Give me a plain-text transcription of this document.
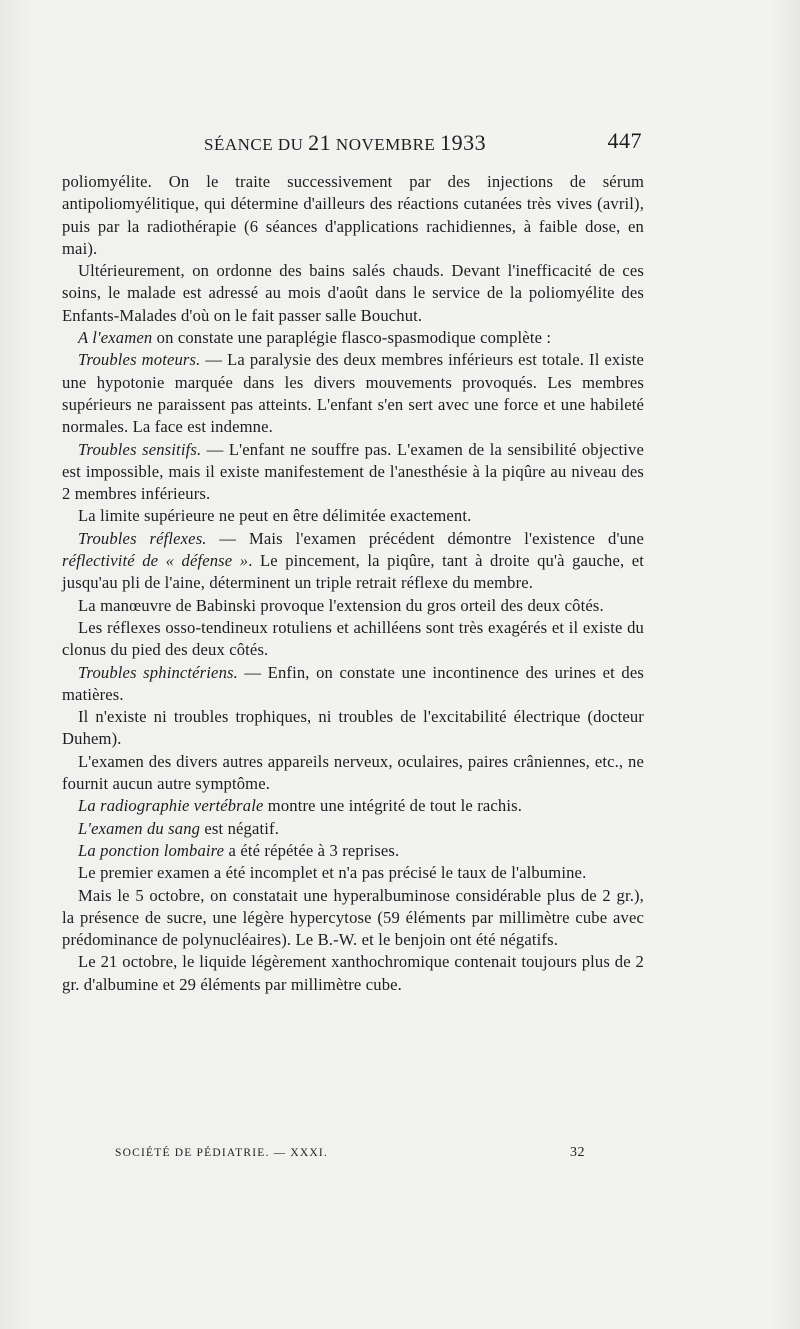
SÉANCE DU 21 NOVEMBRE 1933	447

poliomyélite. On le traite successivement par des injections de sérum antipoliomyélitique, qui détermine d'ailleurs des réactions cutanées très vives (avril), puis par la radiothérapie (6 séances d'applications rachidiennes, à faible dose, en mai).

Ultérieurement, on ordonne des bains salés chauds. Devant l'inefficacité de ces soins, le malade est adressé au mois d'août dans le service de la poliomyélite des Enfants-Malades d'où on le fait passer salle Bouchut.

A l'examen on constate une paraplégie flasco-spasmodique complète :

Troubles moteurs. — La paralysie des deux membres inférieurs est totale. Il existe une hypotonie marquée dans les divers mouvements provoqués. Les membres supérieurs ne paraissent pas atteints. L'enfant s'en sert avec une force et une habileté normales. La face est indemne.

Troubles sensitifs. — L'enfant ne souffre pas. L'examen de la sensibilité objective est impossible, mais il existe manifestement de l'anesthésie à la piqûre au niveau des 2 membres inférieurs.

La limite supérieure ne peut en être délimitée exactement.

Troubles réflexes. — Mais l'examen précédent démontre l'existence d'une réflectivité de « défense ». Le pincement, la piqûre, tant à droite qu'à gauche, et jusqu'au pli de l'aine, déterminent un triple retrait réflexe du membre.

La manœuvre de Babinski provoque l'extension du gros orteil des deux côtés.

Les réflexes osso-tendineux rotuliens et achilléens sont très exagérés et il existe du clonus du pied des deux côtés.

Troubles sphinctériens. — Enfin, on constate une incontinence des urines et des matières.

Il n'existe ni troubles trophiques, ni troubles de l'excitabilité électrique (docteur Duhem).

L'examen des divers autres appareils nerveux, oculaires, paires crâniennes, etc., ne fournit aucun autre symptôme.

La radiographie vertébrale montre une intégrité de tout le rachis.

L'examen du sang est négatif.

La ponction lombaire a été répétée à 3 reprises.

Le premier examen a été incomplet et n'a pas précisé le taux de l'albumine.

Mais le 5 octobre, on constatait une hyperalbuminose considérable plus de 2 gr.), la présence de sucre, une légère hypercytose (59 éléments par millimètre cube avec prédominance de polynucléaires). Le B.-W. et le benjoin ont été négatifs.

Le 21 octobre, le liquide légèrement xanthochromique contenait toujours plus de 2 gr. d'albumine et 29 éléments par millimètre cube.

SOCIÉTÉ DE PÉDIATRIE. — XXXI.	32
